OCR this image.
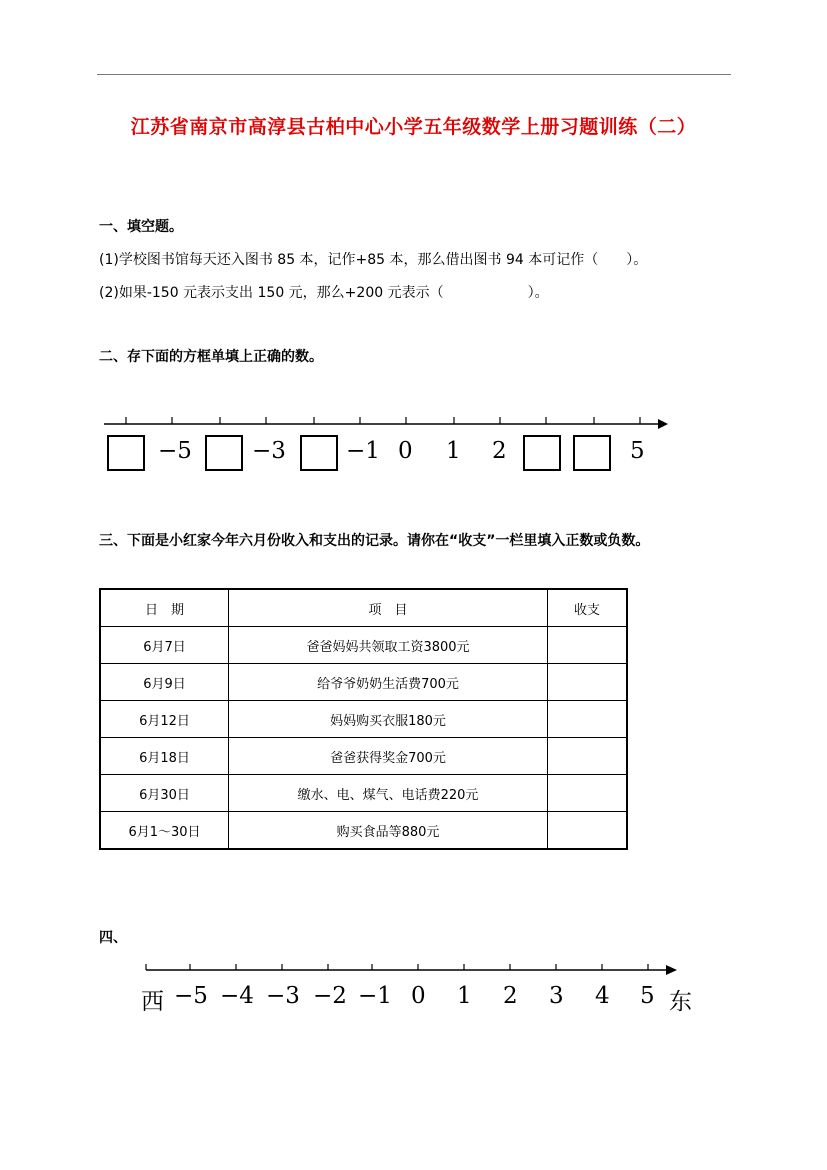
江苏省南京市高淳县古柏中心小学五年级数学上册习题训练（二）
一、填空题。
(1)学校图书馆每天还入图书 85 本，记作+85 本，那么借出图书 94 本可记作（　　）。
(2)如果-150 元表示支出 150 元，那么+200 元表示（　　　　　　）。
二、存下面的方框单填上正确的数。
−5	−3	−1 0 1 2	5
三、下面是小红家今年六月份收入和支出的记录。请你在“收支”一栏里填入正数或负数。
日　期	项　目	收支
6月7日	爸爸妈妈共领取工资3800元	
6月9日	给爷爷奶奶生活费700元	
6月12日	妈妈购买衣服180元	
6月18日	爸爸获得奖金700元	
6月30日	缴水、电、煤气、电话费220元	
6月1～30日	购买食品等880元	
四、
西 −5 −4 −3 −2 −1 0 1 2 3 4 5 东
